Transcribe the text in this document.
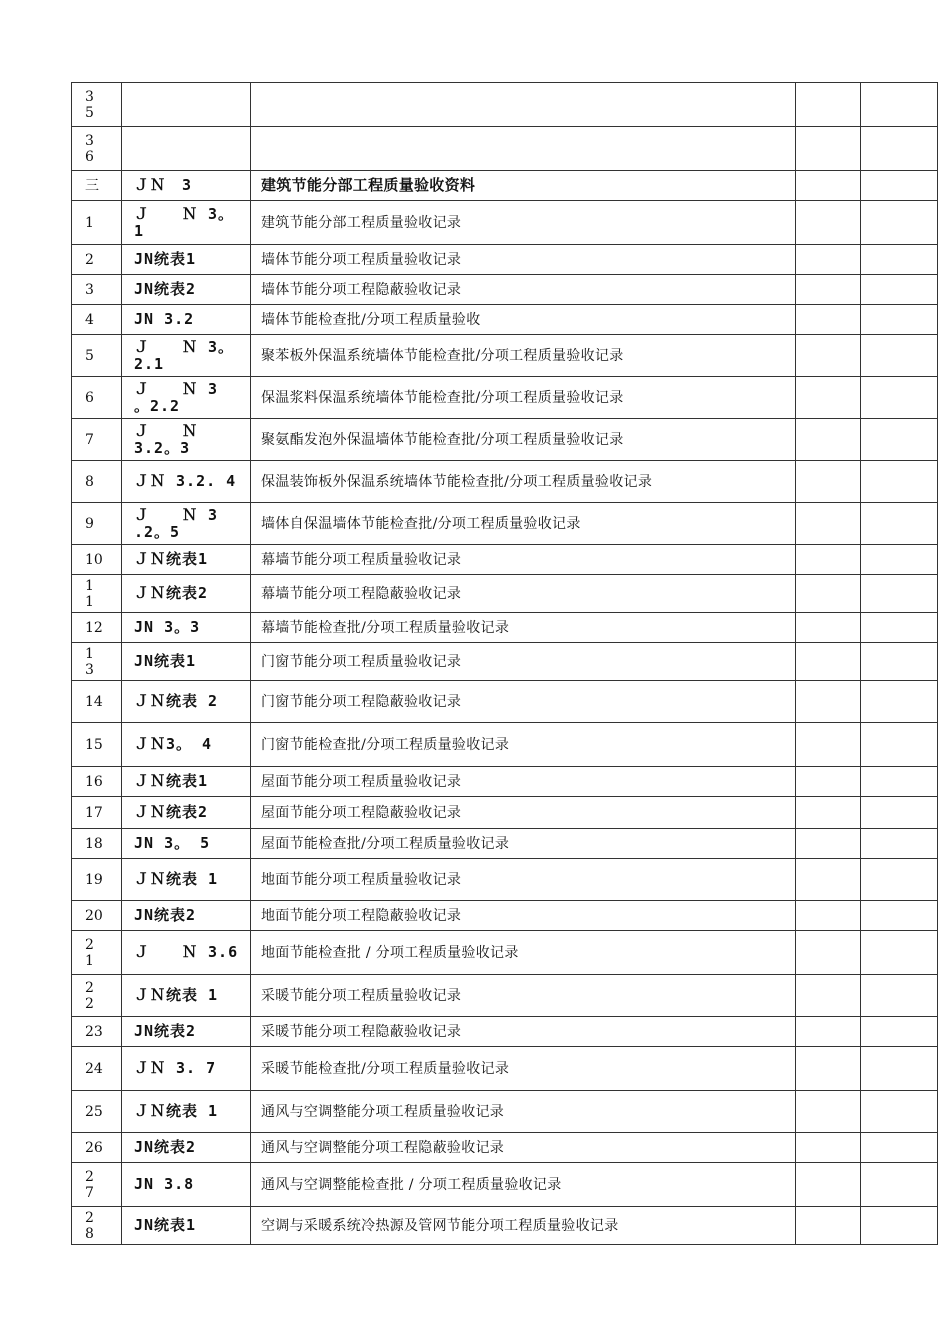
35				

36				

三	ＪＮ　3	建筑节能分部工程质量验收资料		
1	Ｊ　　Ｎ 3。1	建筑节能分部工程质量验收记录		
2	JN统表1	墙体节能分项工程质量验收记录		
3	JN统表2	墙体节能分项工程隐蔽验收记录		
4	JN 3.2	墙体节能检查批/分项工程质量验收		
5	Ｊ　　Ｎ 3。2.1	聚苯板外保温系统墙体节能检查批/分项工程质量验收记录		
6	Ｊ　　Ｎ 3 。2.2	保温浆料保温系统墙体节能检查批/分项工程质量验收记录		
7	Ｊ　　Ｎ 3.2。3	聚氨酯发泡外保温墙体节能检查批/分项工程质量验收记录		
8	ＪＮ 3.2. 4	保温装饰板外保温系统墙体节能检查批/分项工程质量验收记录		
9	Ｊ　　Ｎ 3 .2。5	墙体自保温墙体节能检查批/分项工程质量验收记录		
10	ＪＮ统表1	幕墙节能分项工程质量验收记录		

11	ＪＮ统表2	幕墙节能分项工程隐蔽验收记录		
12	JN 3。3	幕墙节能检查批/分项工程质量验收记录		

13	JN统表1	门窗节能分项工程质量验收记录		
14	ＪＮ统表 2	门窗节能分项工程隐蔽验收记录		
15	ＪＮ3。 4	门窗节能检查批/分项工程质量验收记录		
16	ＪＮ统表1	屋面节能分项工程质量验收记录		
17	ＪＮ统表2	屋面节能分项工程隐蔽验收记录		
18	JN 3。 5	屋面节能检查批/分项工程质量验收记录		
19	ＪＮ统表 1	地面节能分项工程质量验收记录		
20	JN统表2	地面节能分项工程隐蔽验收记录		

21	Ｊ　　Ｎ 3.6	地面节能检查批 / 分项工程质量验收记录		

22	ＪＮ统表 1	采暖节能分项工程质量验收记录		
23	JN统表2	采暖节能分项工程隐蔽验收记录		
24	ＪＮ 3. 7	采暖节能检查批/分项工程质量验收记录		
25	ＪＮ统表 1	通风与空调整能分项工程质量验收记录		
26	JN统表2	通风与空调整能分项工程隐蔽验收记录		

27	JN 3.8	通风与空调整能检查批 / 分项工程质量验收记录		

28	JN统表1	空调与采暖系统冷热源及管网节能分项工程质量验收记录		
